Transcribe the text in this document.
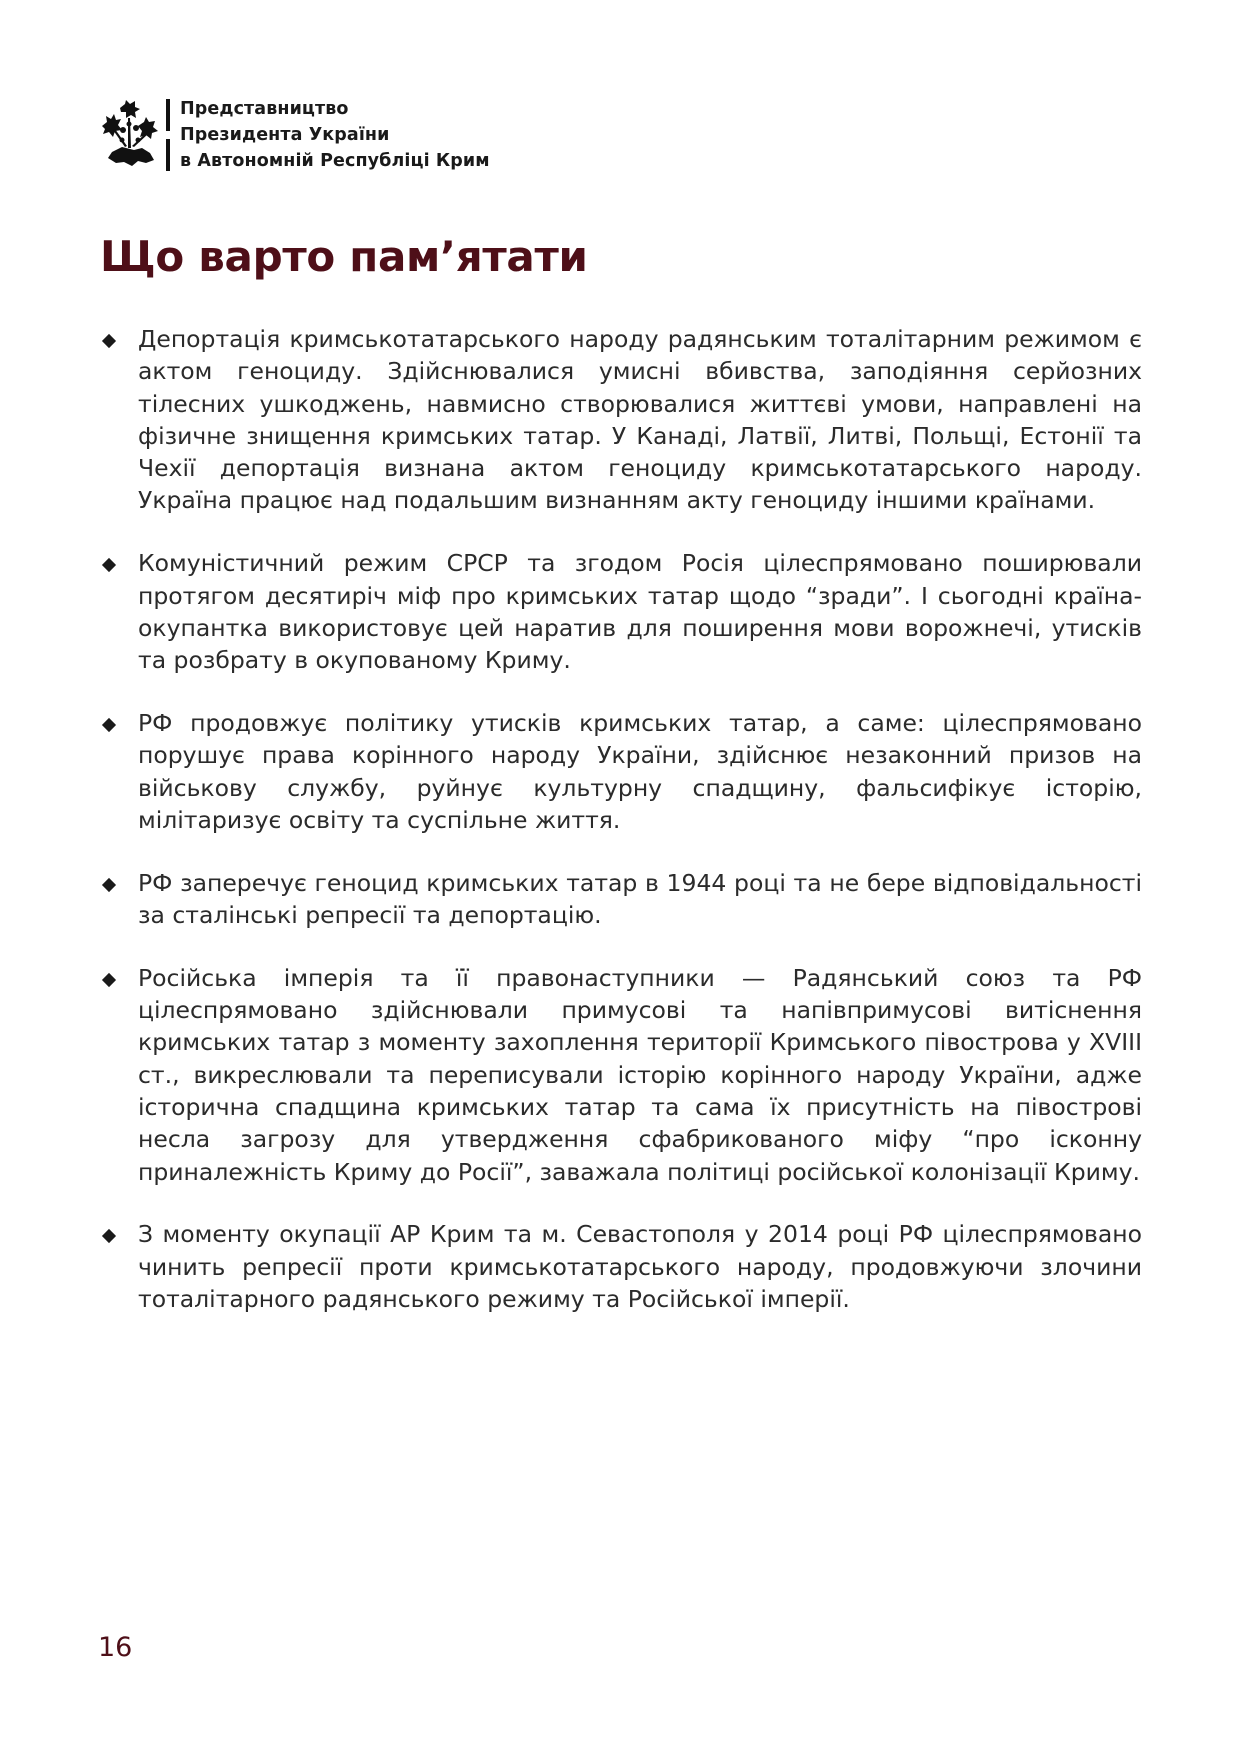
Представництво
Президента України
в Автономній Республіці Крим
Що варто пам’ятати
Депортація кримськотатарського народу радянським тоталітарним режимом є актом геноциду. Здійснювалися умисні вбивства, заподіяння серйозних тілесних ушкоджень, навмисно створювалися життєві умови, направлені на фізичне знищення кримських татар. У Канаді, Латвії, Литві, Польщі, Естонії та Чехії депортація визнана актом геноциду кримськотатарського народу. Україна працює над подальшим визнанням акту геноциду іншими країнами.
Комуністичний режим СРСР та згодом Росія цілеспрямовано поширювали протягом десятиріч міф про кримських татар щодо “зради”. І сьогодні країна-окупантка використовує цей наратив для поширення мови ворожнечі, утисків та розбрату в окупованому Криму.
РФ продовжує політику утисків кримських татар, а саме: цілеспрямовано порушує права корінного народу України, здійснює незаконний призов на військову службу, руйнує культурну спадщину, фальсифікує історію, мілітаризує освіту та суспільне життя.
РФ заперечує геноцид кримських татар в 1944 році та не бере відповідальності за сталінські репресії та депортацію.
Російська імперія та її правонаступники — Радянський союз та РФ цілеспрямовано здійснювали примусові та напівпримусові витіснення кримських татар з моменту захоплення території Кримського півострова у XVIII ст., викреслювали та переписували історію корінного народу України, адже історична спадщина кримських татар та сама їх присутність на півострові несла загрозу для утвердження сфабрикованого міфу “про ісконну приналежність Криму до Росії”, заважала політиці російської колонізації Криму.
З моменту окупації АР Крим та м. Севастополя у 2014 році РФ цілеспрямовано чинить репресії проти кримськотатарського народу, продовжуючи злочини тоталітарного радянського режиму та Російської імперії.
16
